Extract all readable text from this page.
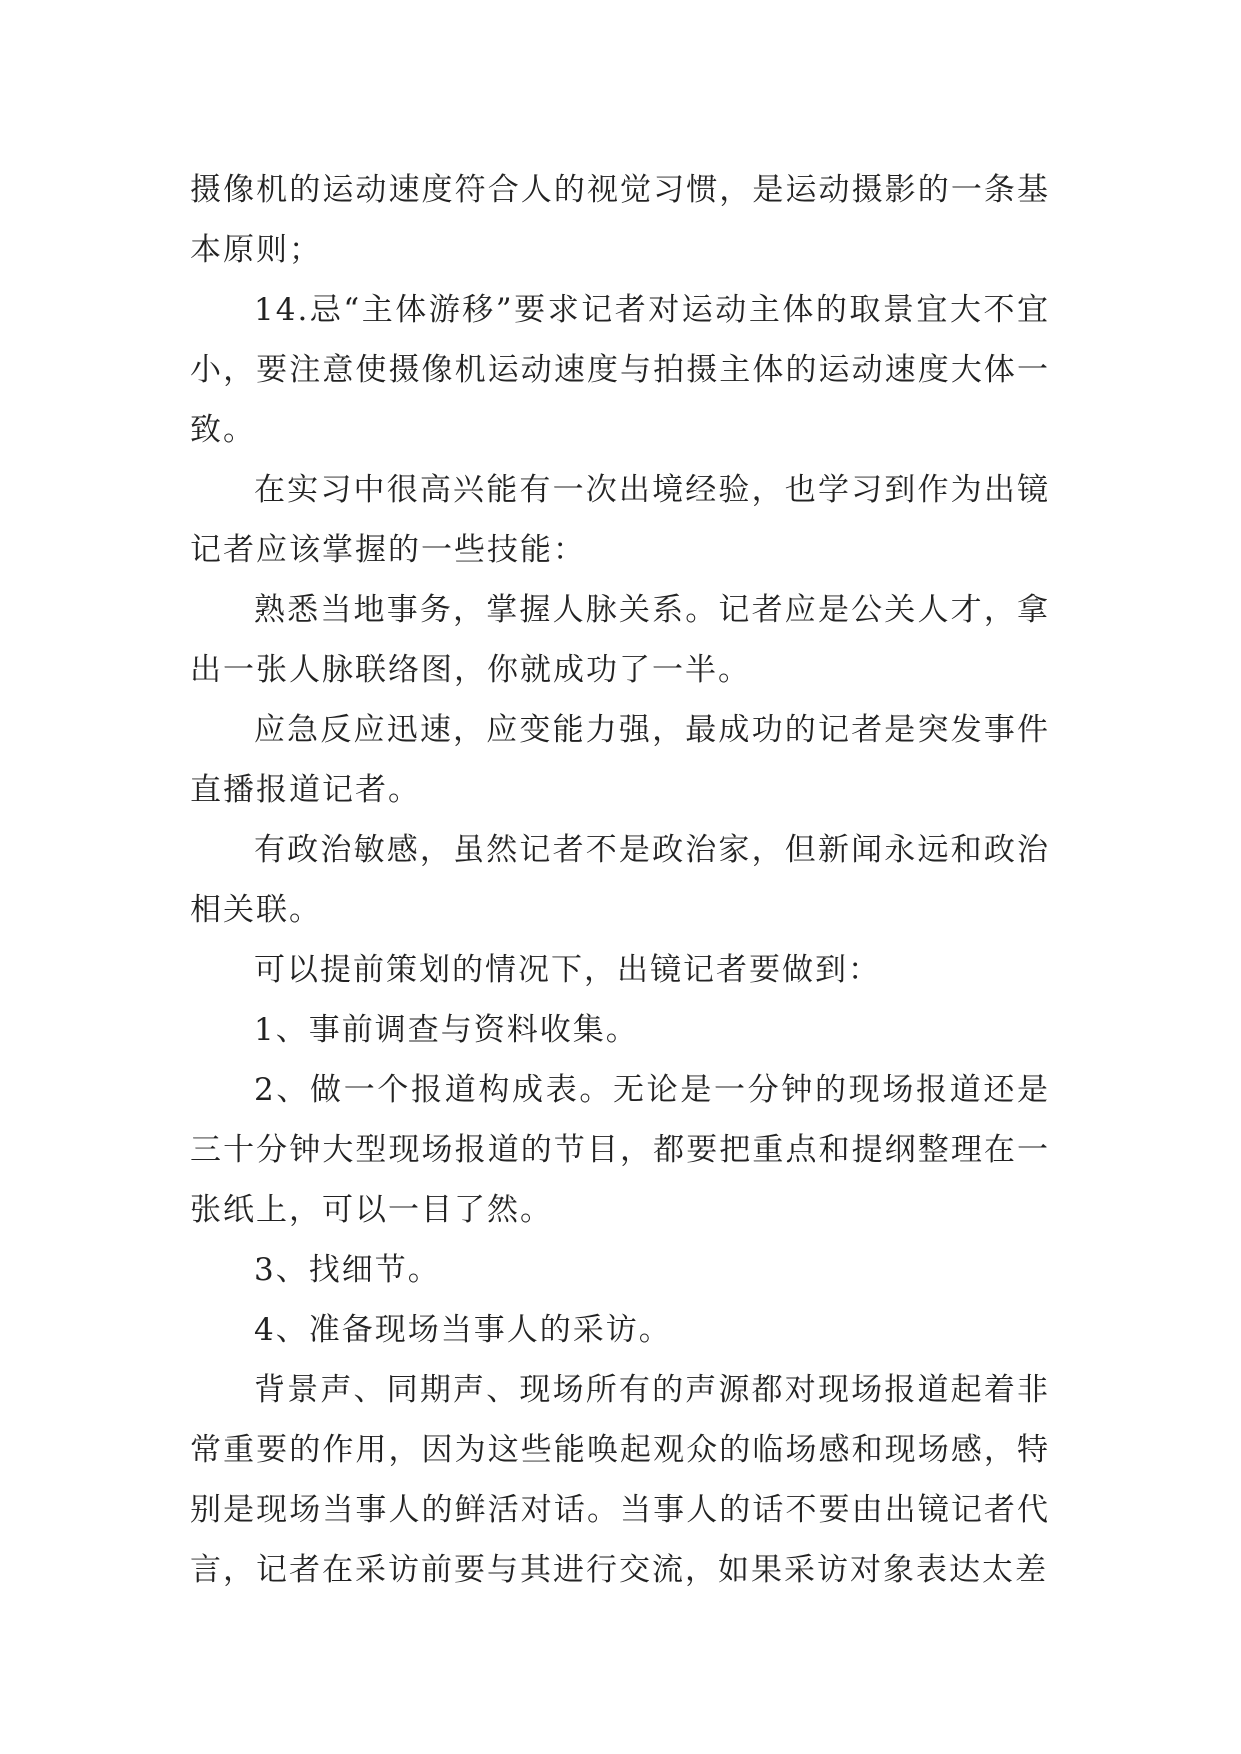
摄像机的运动速度符合人的视觉习惯，是运动摄影的一条基本原则；

14.忌“主体游移”要求记者对运动主体的取景宜大不宜小，要注意使摄像机运动速度与拍摄主体的运动速度大体一致。

在实习中很高兴能有一次出境经验，也学习到作为出镜记者应该掌握的一些技能：

熟悉当地事务，掌握人脉关系。记者应是公关人才，拿出一张人脉联络图，你就成功了一半。

应急反应迅速，应变能力强，最成功的记者是突发事件直播报道记者。

有政治敏感，虽然记者不是政治家，但新闻永远和政治相关联。

可以提前策划的情况下，出镜记者要做到：

1、事前调查与资料收集。

2、做一个报道构成表。无论是一分钟的现场报道还是三十分钟大型现场报道的节目，都要把重点和提纲整理在一张纸上，可以一目了然。

3、找细节。

4、准备现场当事人的采访。

背景声、同期声、现场所有的声源都对现场报道起着非常重要的作用，因为这些能唤起观众的临场感和现场感，特别是现场当事人的鲜活对话。当事人的话不要由出镜记者代言，记者在采访前要与其进行交流，如果采访对象表达太差
